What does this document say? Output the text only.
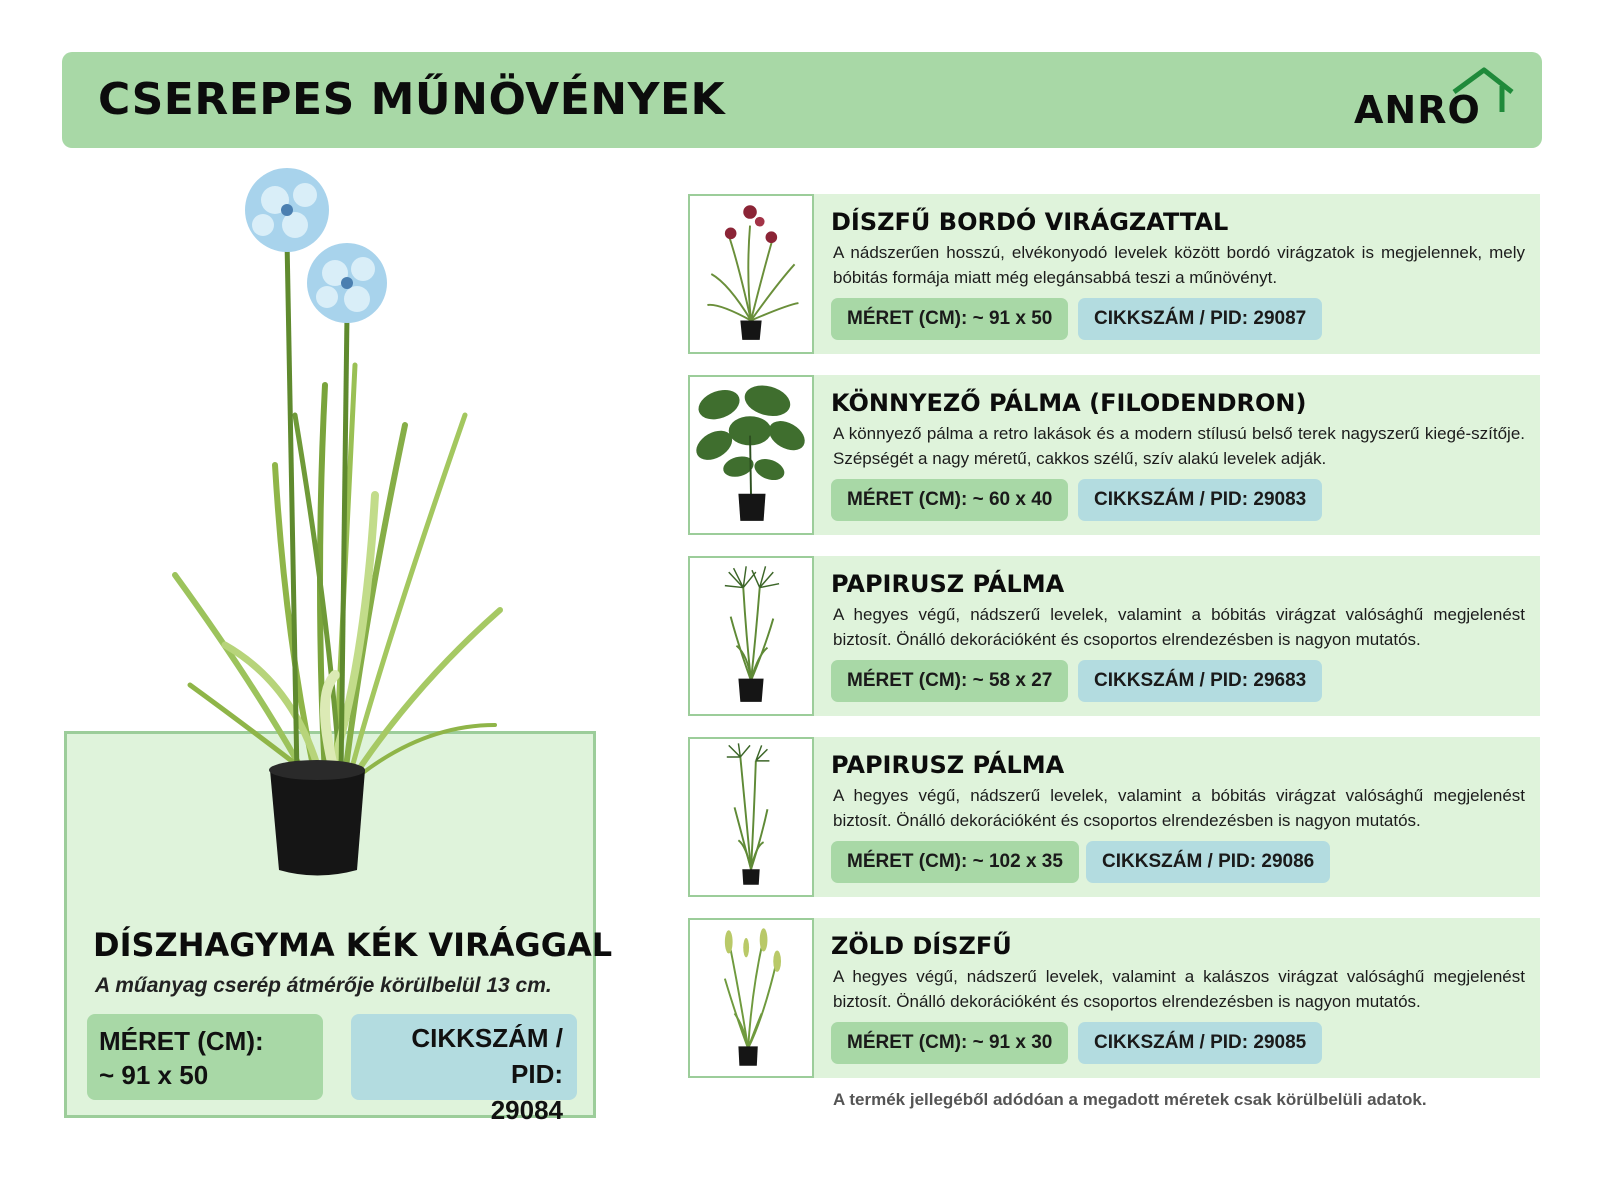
CSEREPES MŰNÖVÉNYEK	ANRO
DÍSZHAGYMA KÉK VIRÁGGAL
A műanyag cserép átmérője körülbelül 13 cm.
MÉRET (CM):
~ 91 x 50
CIKKSZÁM / PID:
29084
DÍSZFŰ BORDÓ VIRÁGZATTAL
A nádszerűen hosszú, elvékonyodó levelek között bordó virágzatok is megjelennek, mely bóbitás formája miatt még elegánsabbá teszi a műnövényt.
MÉRET (CM): ~ 91 x 50	CIKKSZÁM / PID: 29087
KÖNNYEZŐ PÁLMA (FILODENDRON)
A könnyező pálma a retro lakások és a modern stílusú belső terek nagyszerű kiegé-szítője. Szépségét a nagy méretű, cakkos szélű, szív alakú levelek adják.
MÉRET (CM): ~ 60 x 40	CIKKSZÁM / PID: 29083
PAPIRUSZ PÁLMA
A hegyes végű, nádszerű levelek, valamint a bóbitás virágzat valósághű megjelenést biztosít. Önálló dekorációként és csoportos elrendezésben is nagyon mutatós.
MÉRET (CM): ~ 58 x 27	CIKKSZÁM / PID: 29683
PAPIRUSZ PÁLMA
A hegyes végű, nádszerű levelek, valamint a bóbitás virágzat valósághű megjelenést biztosít. Önálló dekorációként és csoportos elrendezésben is nagyon mutatós.
MÉRET (CM): ~ 102 x 35	CIKKSZÁM / PID: 29086
ZÖLD DÍSZFŰ
A hegyes végű, nádszerű levelek, valamint a kalászos virágzat valósághű megjelenést biztosít. Önálló dekorációként és csoportos elrendezésben is nagyon mutatós.
MÉRET (CM): ~ 91 x 30	CIKKSZÁM / PID: 29085
A termék jellegéből adódóan a megadott méretek csak körülbelüli adatok.
